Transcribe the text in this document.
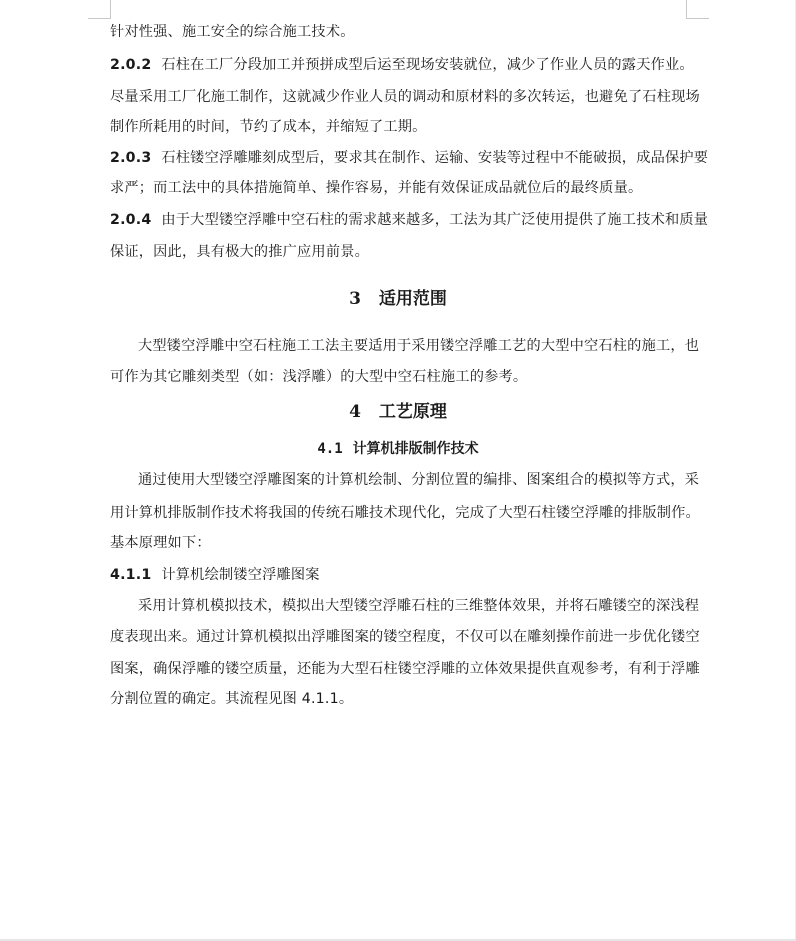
针对性强、施工安全的综合施工技术。
2.0.2 石柱在工厂分段加工并预拼成型后运至现场安装就位，减少了作业人员的露天作业。
尽量采用工厂化施工制作，这就减少作业人员的调动和原材料的多次转运，也避免了石柱现场
制作所耗用的时间，节约了成本，并缩短了工期。
2.0.3 石柱镂空浮雕雕刻成型后，要求其在制作、运输、安装等过程中不能破损，成品保护要
求严；而工法中的具体措施简单、操作容易，并能有效保证成品就位后的最终质量。
2.0.4 由于大型镂空浮雕中空石柱的需求越来越多，工法为其广泛使用提供了施工技术和质量
保证，因此，具有极大的推广应用前景。
3 适用范围
大型镂空浮雕中空石柱施工工法主要适用于采用镂空浮雕工艺的大型中空石柱的施工，也
可作为其它雕刻类型（如：浅浮雕）的大型中空石柱施工的参考。
4 工艺原理
4.1 计算机排版制作技术
通过使用大型镂空浮雕图案的计算机绘制、分割位置的编排、图案组合的模拟等方式，采
用计算机排版制作技术将我国的传统石雕技术现代化，完成了大型石柱镂空浮雕的排版制作。
基本原理如下：
4.1.1 计算机绘制镂空浮雕图案
采用计算机模拟技术，模拟出大型镂空浮雕石柱的三维整体效果，并将石雕镂空的深浅程
度表现出来。通过计算机模拟出浮雕图案的镂空程度，不仅可以在雕刻操作前进一步优化镂空
图案，确保浮雕的镂空质量，还能为大型石柱镂空浮雕的立体效果提供直观参考，有利于浮雕
分割位置的确定。其流程见图 4.1.1。
